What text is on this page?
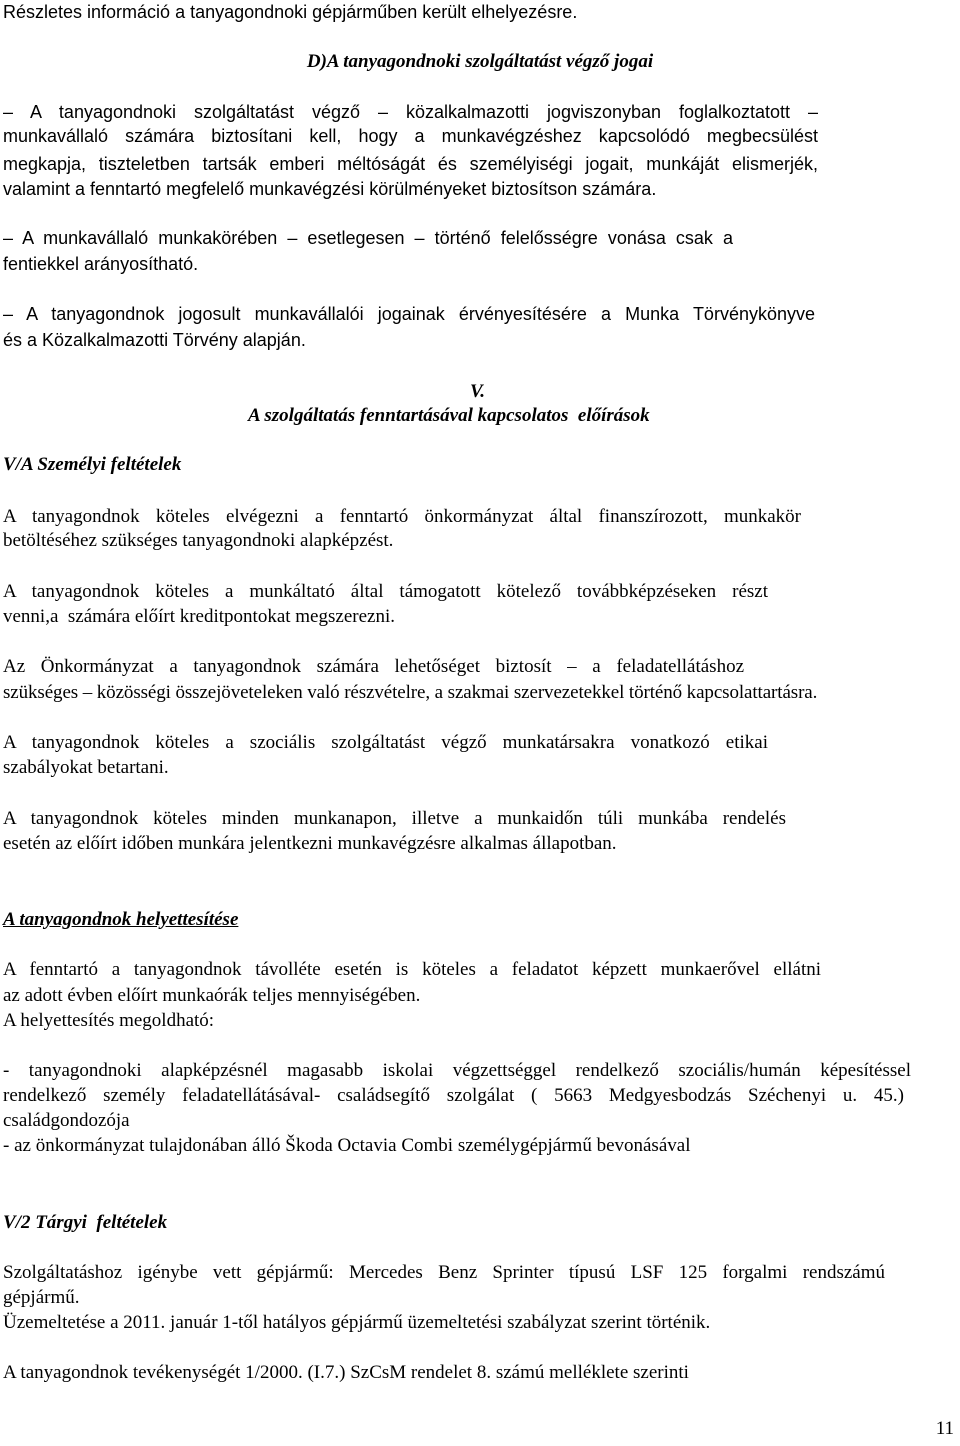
Részletes információ a tanyagondnoki gépjárműben került elhelyezésre.
D)A tanyagondnoki szolgáltatást végző jogai
– A tanyagondnoki szolgáltatást végző – közalkalmazotti jogviszonyban foglalkoztatott –
munkavállaló számára biztosítani kell, hogy a munkavégzéshez kapcsolódó megbecsülést
megkapja, tiszteletben tartsák emberi méltóságát és személyiségi jogait, munkáját elismerjék,
valamint a fenntartó megfelelő munkavégzési körülményeket biztosítson számára.
– A munkavállaló munkakörében – esetlegesen – történő felelősségre vonása csak a
fentiekkel arányosítható.
– A tanyagondnok jogosult munkavállalói jogainak érvényesítésére a Munka Törvénykönyve
és a Közalkalmazotti Törvény alapján.
V.
A szolgáltatás fenntartásával kapcsolatos  előírások
V/A Személyi feltételek
A tanyagondnok köteles elvégezni a fenntartó önkormányzat által finanszírozott, munkakör
betöltéséhez szükséges tanyagondnoki alapképzést.
A tanyagondnok köteles a munkáltató által támogatott kötelező továbbképzéseken részt
venni,a  számára előírt kreditpontokat megszerezni.
Az Önkormányzat a tanyagondnok számára lehetőséget biztosít – a feladatellátáshoz
szükséges – közösségi összejöveteleken való részvételre, a szakmai szervezetekkel történő kapcsolattartásra.
A tanyagondnok köteles a szociális szolgáltatást végző munkatársakra vonatkozó etikai
szabályokat betartani.
A tanyagondnok köteles minden munkanapon, illetve a munkaidőn túli munkába rendelés
esetén az előírt időben munkára jelentkezni munkavégzésre alkalmas állapotban.
A tanyagondnok helyettesítése
A fenntartó a tanyagondnok távolléte esetén is köteles a feladatot képzett munkaerővel ellátni
az adott évben előírt munkaórák teljes mennyiségében.
A helyettesítés megoldható:
- tanyagondnoki alapképzésnél magasabb iskolai végzettséggel rendelkező szociális/humán képesítéssel
rendelkező személy feladatellátásával- családsegítő szolgálat ( 5663 Medgyesbodzás Széchenyi u. 45.)
családgondozója
- az önkormányzat tulajdonában álló Škoda Octavia Combi személygépjármű bevonásával
V/2 Tárgyi  feltételek
Szolgáltatáshoz igénybe vett gépjármű: Mercedes Benz Sprinter típusú LSF 125 forgalmi rendszámú
gépjármű.
Üzemeltetése a 2011. január 1-től hatályos gépjármű üzemeltetési szabályzat szerint történik.
A tanyagondnok tevékenységét 1/2000. (I.7.) SzCsM rendelet 8. számú melléklete szerinti
11
